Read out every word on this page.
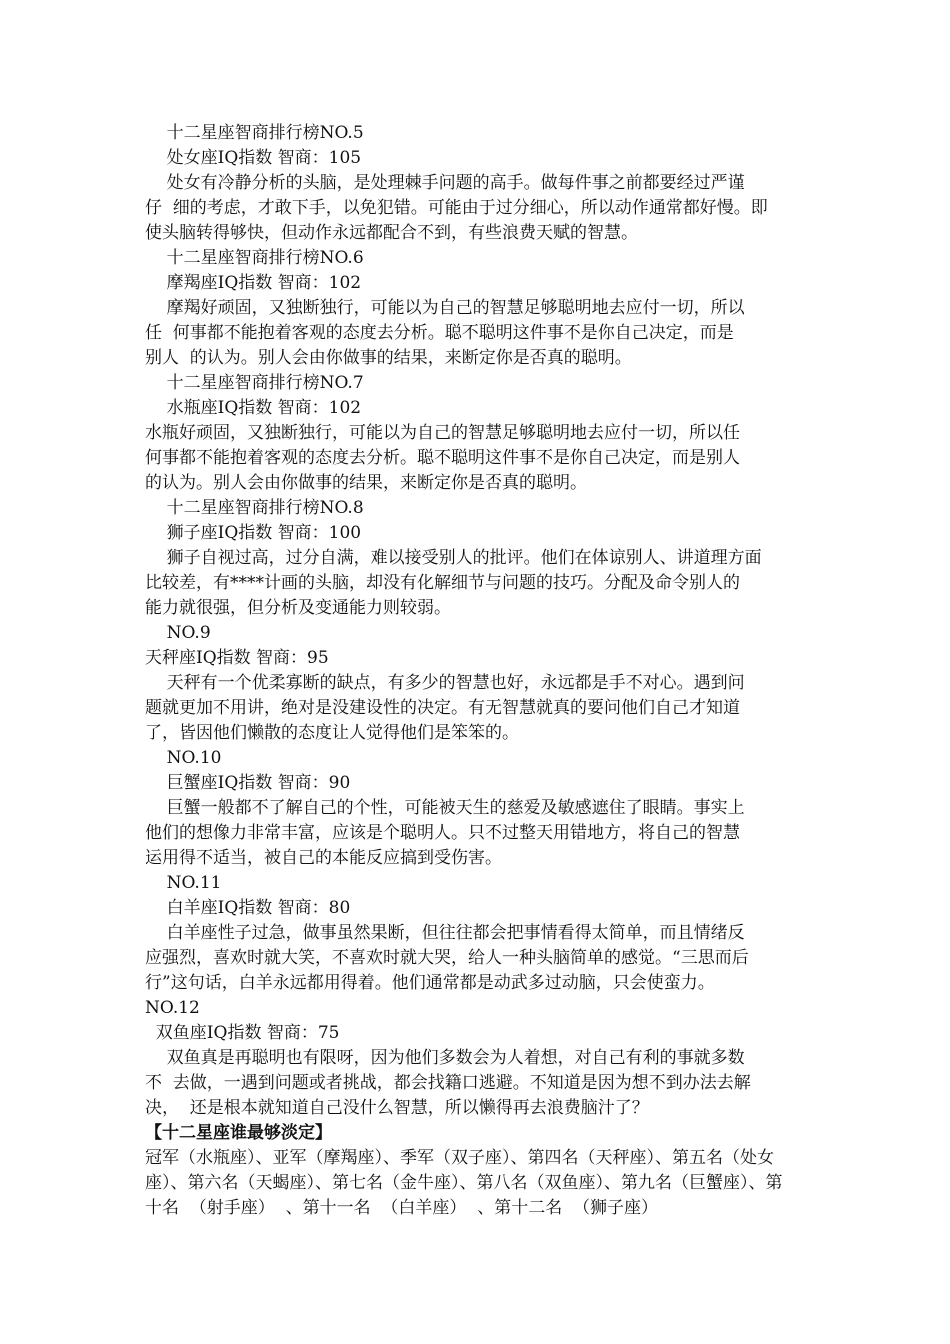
十二星座智商排行榜NO.5
处女座IQ指数 智商：105
处女有冷静分析的头脑，是处理棘手问题的高手。做每件事之前都要经过严谨
仔  细的考虑，才敢下手，以免犯错。可能由于过分细心，所以动作通常都好慢。即
使头脑转得够快，但动作永远都配合不到，有些浪费天赋的智慧。
十二星座智商排行榜NO.6
摩羯座IQ指数 智商：102
摩羯好顽固，又独断独行，可能以为自己的智慧足够聪明地去应付一切，所以
任  何事都不能抱着客观的态度去分析。聪不聪明这件事不是你自己决定，而是
别人  的认为。别人会由你做事的结果，来断定你是否真的聪明。
十二星座智商排行榜NO.7
水瓶座IQ指数 智商：102
水瓶好顽固，又独断独行，可能以为自己的智慧足够聪明地去应付一切，所以任
何事都不能抱着客观的态度去分析。聪不聪明这件事不是你自己决定，而是别人
的认为。别人会由你做事的结果，来断定你是否真的聪明。
十二星座智商排行榜NO.8
狮子座IQ指数 智商：100
狮子自视过高，过分自满，难以接受别人的批评。他们在体谅别人、讲道理方面
比较差，有****计画的头脑，却没有化解细节与问题的技巧。分配及命令别人的
能力就很强，但分析及变通能力则较弱。
NO.9
天秤座IQ指数 智商：95
天秤有一个优柔寡断的缺点，有多少的智慧也好，永远都是手不对心。遇到问
题就更加不用讲，绝对是没建设性的决定。有无智慧就真的要问他们自己才知道
了，皆因他们懒散的态度让人觉得他们是笨笨的。
NO.10
巨蟹座IQ指数 智商：90
巨蟹一般都不了解自己的个性，可能被天生的慈爱及敏感遮住了眼睛。事实上
他们的想像力非常丰富，应该是个聪明人。只不过整天用错地方，将自己的智慧
运用得不适当，被自己的本能反应搞到受伤害。
NO.11
白羊座IQ指数 智商：80
白羊座性子过急，做事虽然果断，但往往都会把事情看得太简单，而且情绪反
应强烈，喜欢时就大笑，不喜欢时就大哭，给人一种头脑简单的感觉。“三思而后
行”这句话，白羊永远都用得着。他们通常都是动武多过动脑，只会使蛮力。
NO.12
双鱼座IQ指数 智商：75
双鱼真是再聪明也有限呀，因为他们多数会为人着想，对自己有利的事就多数
不  去做，一遇到问题或者挑战，都会找籍口逃避。不知道是因为想不到办法去解
决，  还是根本就知道自己没什么智慧，所以懒得再去浪费脑汁了？
【十二星座谁最够淡定】
冠军（水瓶座）、亚军（摩羯座）、季军（双子座）、第四名（天秤座）、第五名（处女
座）、第六名（天蝎座）、第七名（金牛座）、第八名（双鱼座）、第九名（巨蟹座）、第
十名  （射手座）  、第十一名  （白羊座）  、第十二名  （狮子座）
